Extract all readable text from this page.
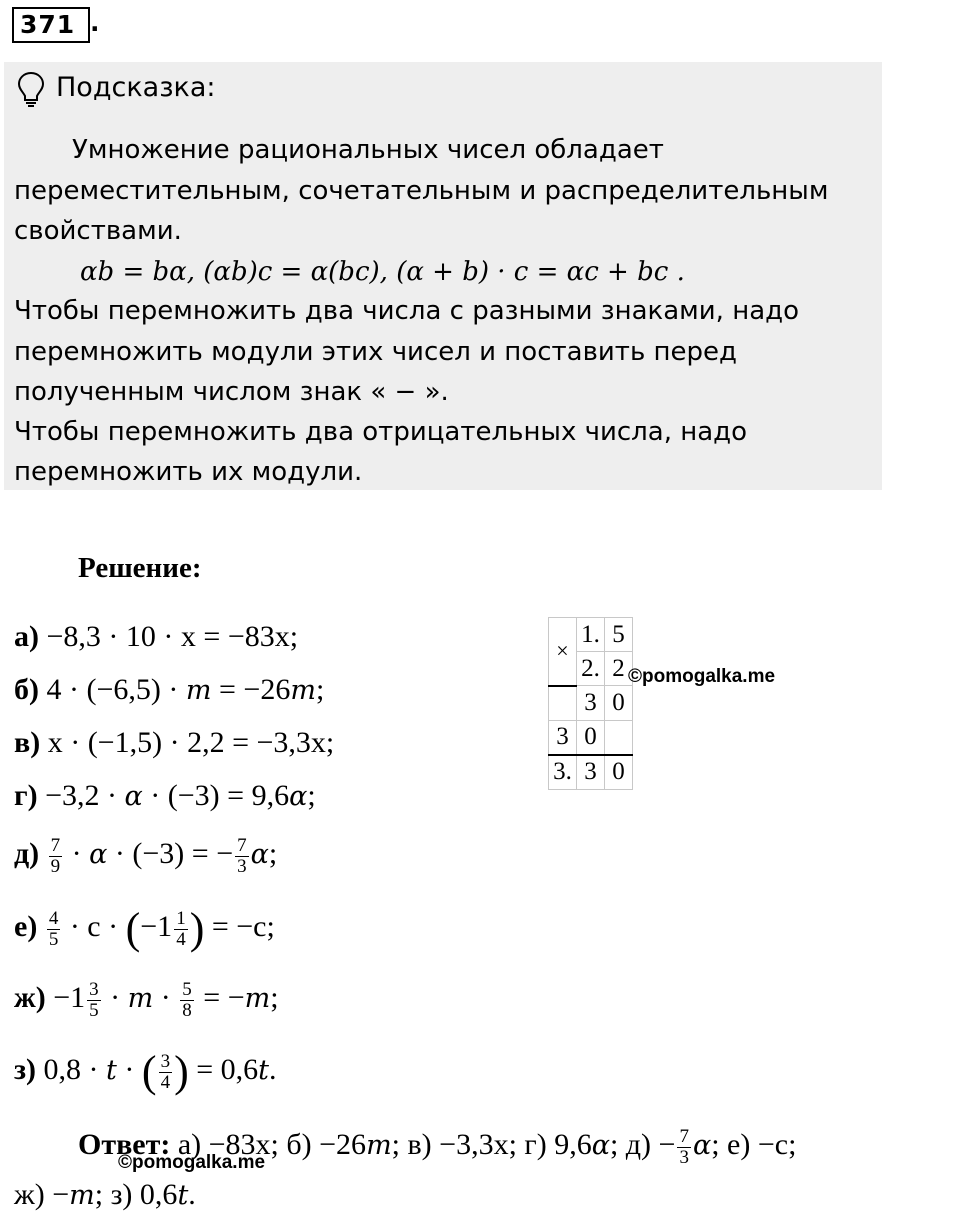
371 .
Подсказка:
Умножение рациональных чисел обладает
переместительным, сочетательным и распределительным
свойствами.
αb = bα, (αb)c = α(bc), (α + b) · c = αc + bc .
Чтобы перемножить два числа с разными знаками, надо
перемножить модули этих чисел и поставить перед
полученным числом знак « − ».
Чтобы перемножить два отрицательных числа, надо
перемножить их модули.
Решение:
а) −8,3 · 10 · x = −83x;
б) 4 · (−6,5) · m = −26m;
в) x · (−1,5) · 2,2 = −3,3x;
г) −3,2 · α · (−3) = 9,6α;
$д) \frac{7}{9} \cdot \alpha \cdot (-3)$ = − $\frac{7}{3} \alpha$;
$е) \frac{4}{5} \cdot c \cdot (-1 \frac{1}{4}$ ) = −c;
$ж) -1 \frac{3}{5} \cdot m \cdot \frac{5}{8} = -m$;
з) 0,8 · t · ( $\frac{3}{4}$ ) = 0,6t.
×	1.	5
	2.	2
	3	0
3	0	
3.	3	0
©pomogalka.me
Ответ: а) −83x; б) −26m; в) −3,3x; г) 9,6α; $д) - \frac{7}{3} \alpha$; е) −c;
©pomogalka.me
ж) −m; з) 0,6t.
